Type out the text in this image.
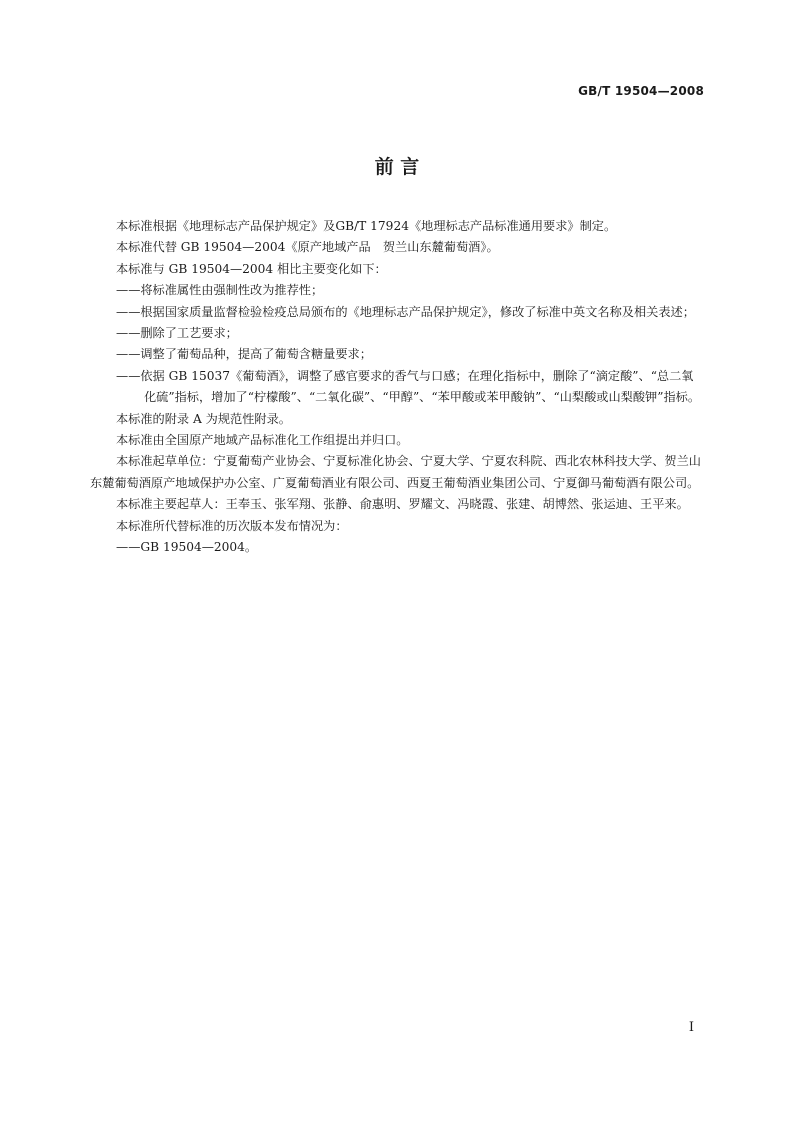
GB/T 19504—2008
前 言

本标准根据《地理标志产品保护规定》及GB/T 17924《地理标志产品标准通用要求》制定。

本标准代替 GB 19504—2004《原产地域产品　贺兰山东麓葡萄酒》。

本标准与 GB 19504—2004 相比主要变化如下：

——将标准属性由强制性改为推荐性；

——根据国家质量监督检验检疫总局颁布的《地理标志产品保护规定》，修改了标准中英文名称及相关表述；

——删除了工艺要求；

——调整了葡萄品种，提高了葡萄含糖量要求；

——依据 GB 15037《葡萄酒》，调整了感官要求的香气与口感；在理化指标中，删除了“滴定酸”、“总二氧化硫”指标，增加了“柠檬酸”、“二氧化碳”、“甲醇”、“苯甲酸或苯甲酸钠”、“山梨酸或山梨酸钾”指标。

本标准的附录 A 为规范性附录。

本标准由全国原产地域产品标准化工作组提出并归口。

本标准起草单位：宁夏葡萄产业协会、宁夏标准化协会、宁夏大学、宁夏农科院、西北农林科技大学、贺兰山东麓葡萄酒原产地域保护办公室、广夏葡萄酒业有限公司、西夏王葡萄酒业集团公司、宁夏御马葡萄酒有限公司。

本标准主要起草人：王奉玉、张军翔、张静、俞惠明、罗耀文、冯晓霞、张建、胡博然、张运迪、王平来。

本标准所代替标准的历次版本发布情况为：

——GB 19504—2004。

I
